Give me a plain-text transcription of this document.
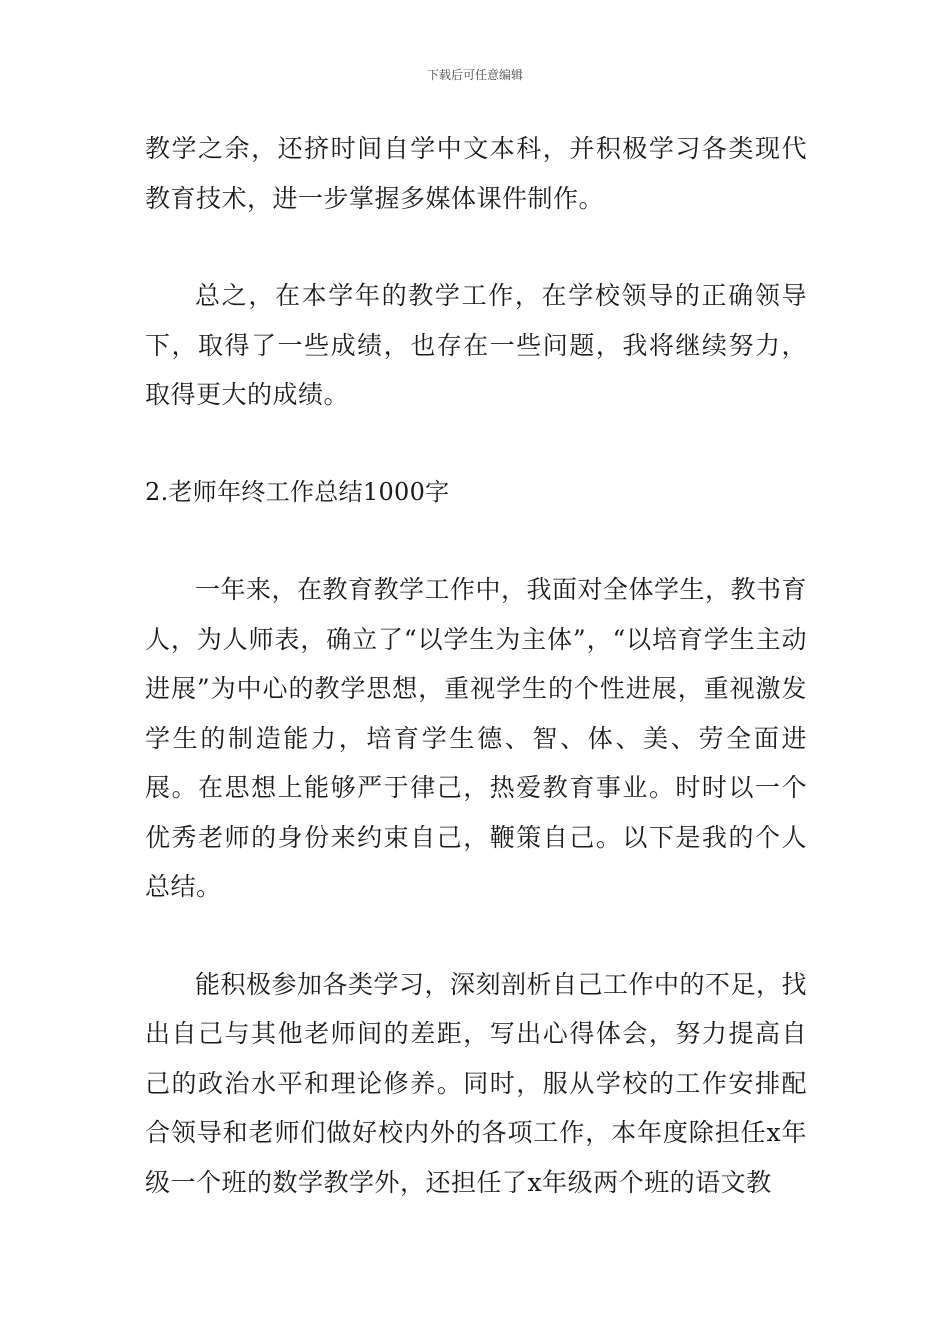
下载后可任意编辑

教学之余，还挤时间自学中文本科，并积极学习各类现代教育技术，进一步掌握多媒体课件制作。

总之，在本学年的教学工作，在学校领导的正确领导下，取得了一些成绩，也存在一些问题，我将继续努力，取得更大的成绩。

2.老师年终工作总结1000字

一年来，在教育教学工作中，我面对全体学生，教书育人，为人师表，确立了“以学生为主体”，“以培育学生主动进展”为中心的教学思想，重视学生的个性进展，重视激发学生的制造能力，培育学生德、智、体、美、劳全面进展。在思想上能够严于律己，热爱教育事业。时时以一个优秀老师的身份来约束自己，鞭策自己。以下是我的个人总结。

能积极参加各类学习，深刻剖析自己工作中的不足，找出自己与其他老师间的差距，写出心得体会，努力提高自己的政治水平和理论修养。同时，服从学校的工作安排配合领导和老师们做好校内外的各项工作，本年度除担任x年级一个班的数学教学外，还担任了x年级两个班的语文教
